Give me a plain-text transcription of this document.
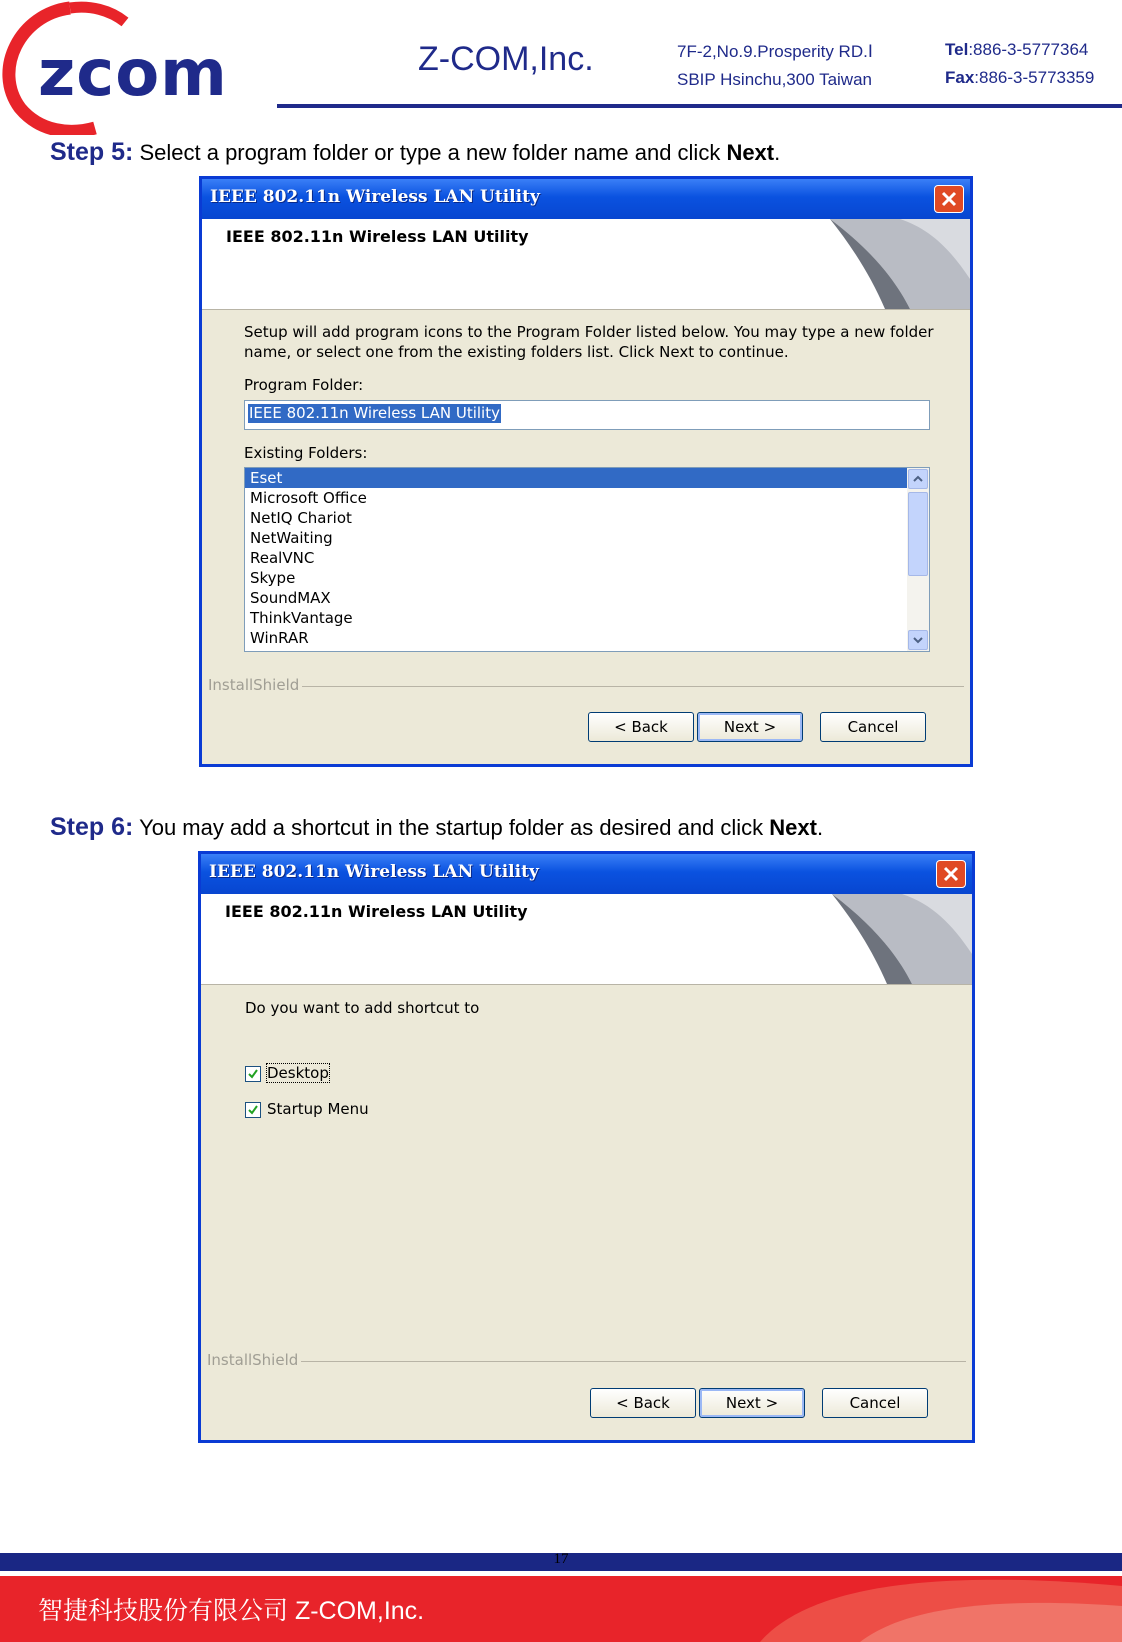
zcom	Z-COM,Inc.	7F-2,No.9.Prosperity RD.Ⅰ
SBIP Hsinchu,300 Taiwan
Tel:886-3-5777364
Fax:886-3-5773359
Step 5: Select a program folder or type a new folder name and click Next.
IEEE 802.11n Wireless LAN Utility
IEEE 802.11n Wireless LAN Utility
Setup will add program icons to the Program Folder listed below. You may type a new folder
name, or select one from the existing folders list. Click Next to continue.
Program Folder:
IEEE 802.11n Wireless LAN Utility
Existing Folders:
Eset
Microsoft Office
NetIQ Chariot
NetWaiting
RealVNC
Skype
SoundMAX
ThinkVantage
WinRAR
InstallShield
< Back	Next >	Cancel
Step 6: You may add a shortcut in the startup folder as desired and click Next.
IEEE 802.11n Wireless LAN Utility
IEEE 802.11n Wireless LAN Utility
Do you want to add shortcut to
Desktop
Startup Menu
InstallShield
< Back	Next >	Cancel
17
智捷科技股份有限公司 Z-COM,Inc.
